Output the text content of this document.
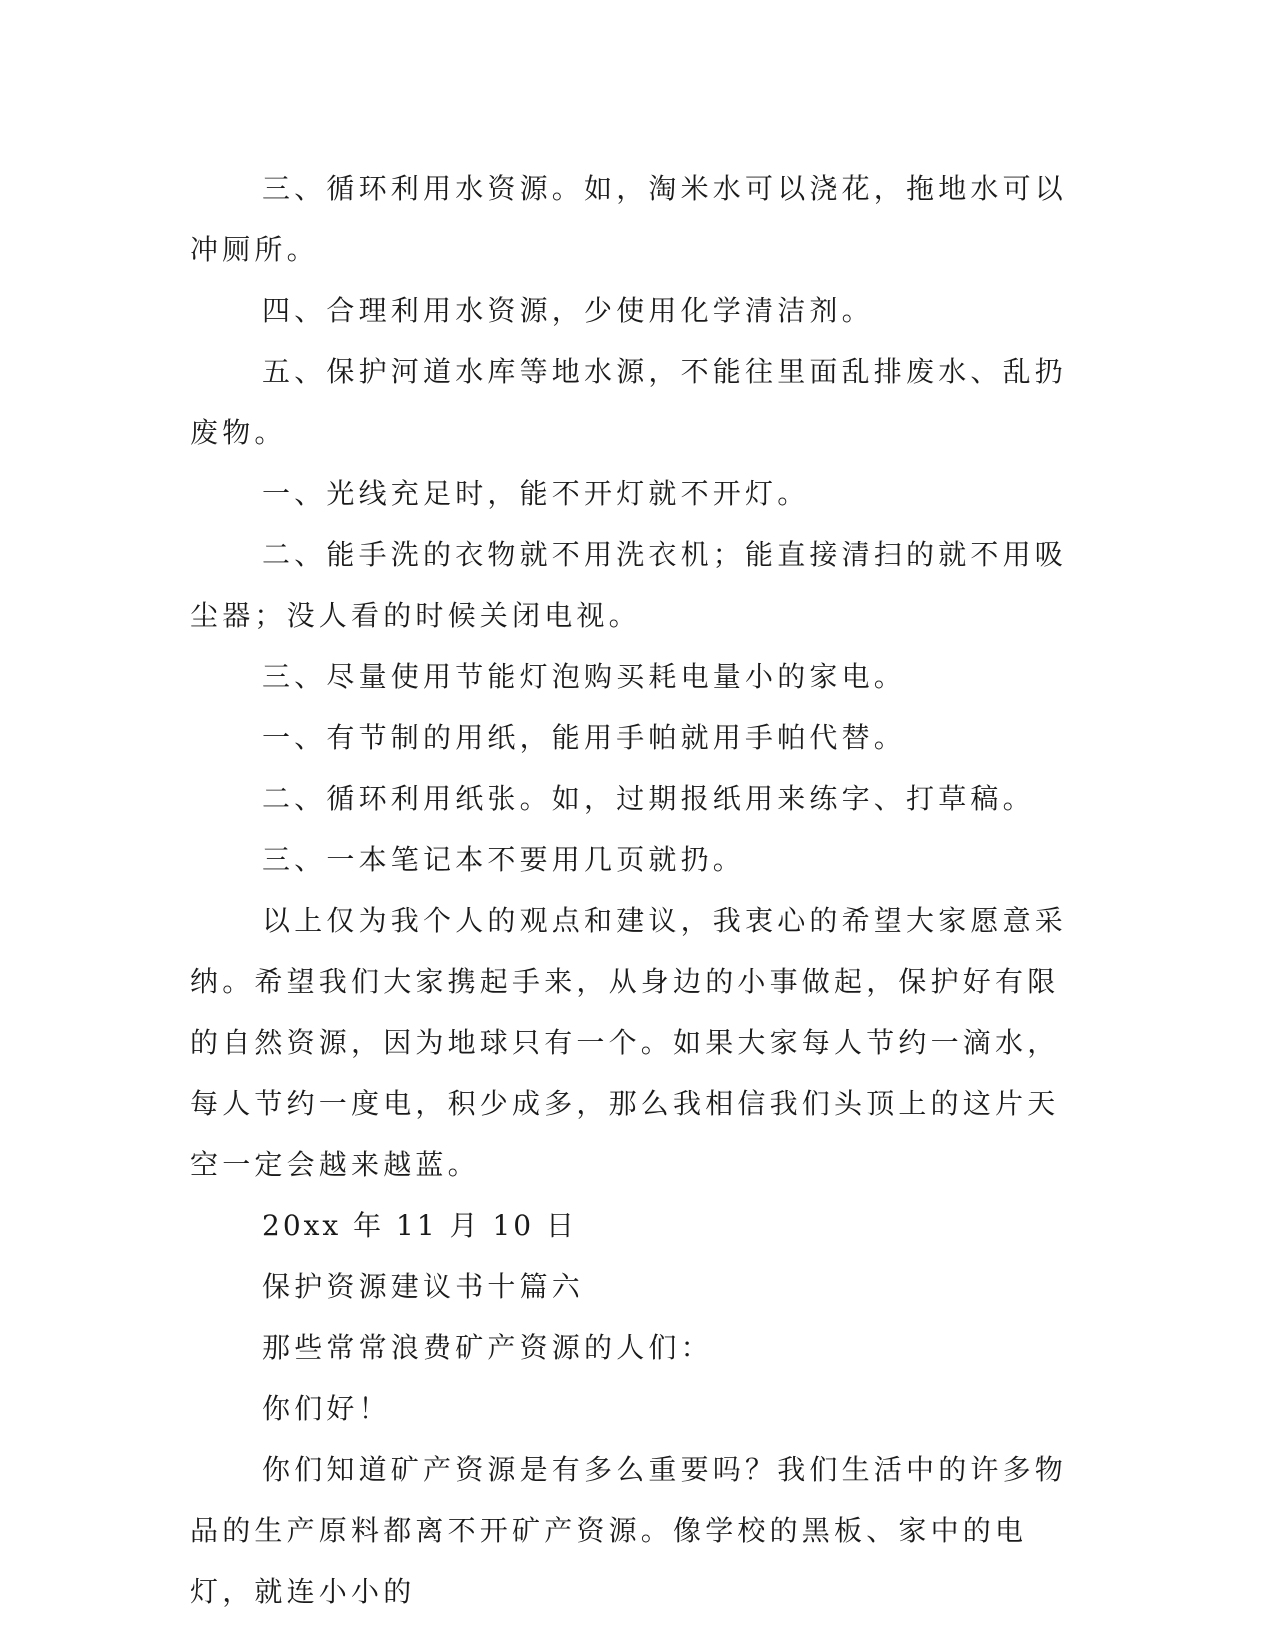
三、循环利用水资源。如，淘米水可以浇花，拖地水可以冲厕所。

四、合理利用水资源，少使用化学清洁剂。

五、保护河道水库等地水源，不能往里面乱排废水、乱扔废物。

一、光线充足时，能不开灯就不开灯。

二、能手洗的衣物就不用洗衣机；能直接清扫的就不用吸尘器；没人看的时候关闭电视。

三、尽量使用节能灯泡购买耗电量小的家电。

一、有节制的用纸，能用手帕就用手帕代替。

二、循环利用纸张。如，过期报纸用来练字、打草稿。

三、一本笔记本不要用几页就扔。

以上仅为我个人的观点和建议，我衷心的希望大家愿意采纳。希望我们大家携起手来，从身边的小事做起，保护好有限的自然资源，因为地球只有一个。如果大家每人节约一滴水，每人节约一度电，积少成多，那么我相信我们头顶上的这片天空一定会越来越蓝。

20xx 年 11 月 10 日

保护资源建议书十篇六

那些常常浪费矿产资源的人们：

你们好！

你们知道矿产资源是有多么重要吗？我们生活中的许多物品的生产原料都离不开矿产资源。像学校的黑板、家中的电灯，就连小小的
